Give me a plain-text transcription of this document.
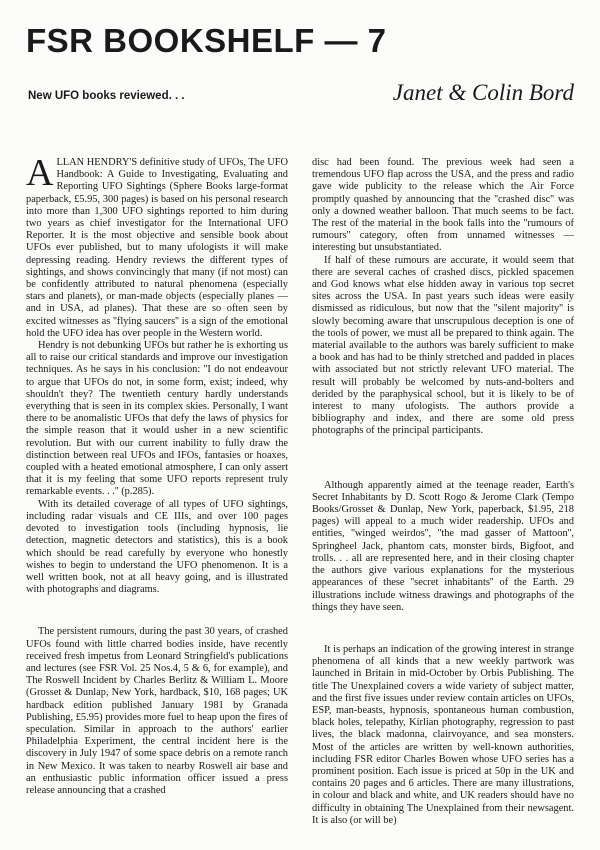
FSR BOOKSHELF — 7
New UFO books reviewed. . .	Janet & Colin Bord

ALLAN HENDRY'S definitive study of UFOs, The UFO Handbook: A Guide to Investigating, Evaluating and Reporting UFO Sightings (Sphere Books large-format paperback, £5.95, 300 pages) is based on his personal research into more than 1,300 UFO sightings reported to him during two years as chief investigator for the International UFO Reporter. It is the most objective and sensible book about UFOs ever published, but to many ufologists it will make depressing reading. Hendry reviews the different types of sightings, and shows convincingly that many (if not most) can be confidently attributed to natural phenomena (especially stars and planets), or man-made objects (especially planes — and in USA, ad planes). That these are so often seen by excited witnesses as ''flying saucers'' is a sign of the emotional hold the UFO idea has over people in the Western world.

Hendry is not debunking UFOs but rather he is exhorting us all to raise our critical standards and improve our investigation techniques. As he says in his conclusion: ''I do not endeavour to argue that UFOs do not, in some form, exist; indeed, why shouldn't they? The twentieth century hardly understands everything that is seen in its complex skies. Personally, I want there to be anomalistic UFOs that defy the laws of physics for the simple reason that it would usher in a new scientific revolution. But with our current inability to fully draw the distinction between real UFOs and IFOs, fantasies or hoaxes, coupled with a heated emotional atmosphere, I can only assert that it is my feeling that some UFO reports represent truly remarkable events. . .'' (p.285).

With its detailed coverage of all types of UFO sightings, including radar visuals and CE IIIs, and over 100 pages devoted to investigation tools (including hypnosis, lie detection, magnetic detectors and statistics), this is a book which should be read carefully by everyone who honestly wishes to begin to understand the UFO phenomenon. It is a well written book, not at all heavy going, and is illustrated with photographs and diagrams.

The persistent rumours, during the past 30 years, of crashed UFOs found with little charred bodies inside, have recently received fresh impetus from Leonard Stringfield's publications and lectures (see FSR Vol. 25 Nos.4, 5 & 6, for example), and The Roswell Incident by Charles Berlitz & William L. Moore (Grosset & Dunlap, New York, hardback, $10, 168 pages; UK hardback edition published January 1981 by Granada Publishing, £5.95) provides more fuel to heap upon the fires of speculation. Similar in approach to the authors' earlier Philadelphia Experiment, the central incident here is the discovery in July 1947 of some space debris on a remote ranch in New Mexico. It was taken to nearby Roswell air base and an enthusiastic public information officer issued a press release announcing that a crashed

disc had been found. The previous week had seen a tremendous UFO flap across the USA, and the press and radio gave wide publicity to the release which the Air Force promptly quashed by announcing that the ''crashed disc'' was only a downed weather balloon. That much seems to be fact. The rest of the material in the book falls into the ''rumours of rumours'' category, often from unnamed witnesses — interesting but unsubstantiated.

If half of these rumours are accurate, it would seem that there are several caches of crashed discs, pickled spacemen and God knows what else hidden away in various top secret sites across the USA. In past years such ideas were easily dismissed as ridiculous, but now that the ''silent majority'' is slowly becoming aware that unscrupulous deception is one of the tools of power, we must all be prepared to think again. The material available to the authors was barely sufficient to make a book and has had to be thinly stretched and padded in places with associated but not strictly relevant UFO material. The result will probably be welcomed by nuts-and-bolters and derided by the paraphysical school, but it is likely to be of interest to many ufologists. The authors provide a bibliography and index, and there are some old press photographs of the principal participants.

Although apparently aimed at the teenage reader, Earth's Secret Inhabitants by D. Scott Rogo & Jerome Clark (Tempo Books/Grosset & Dunlap, New York, paperback, $1.95, 218 pages) will appeal to a much wider readership. UFOs and entities, ''winged weirdos'', ''the mad gasser of Mattoon'', Springheel Jack, phantom cats, monster birds, Bigfoot, and trolls. . . all are represented here, and in their closing chapter the authors give various explanations for the mysterious appearances of these ''secret inhabitants'' of the Earth. 29 illustrations include witness drawings and photographs of the things they have seen.

It is perhaps an indication of the growing interest in strange phenomena of all kinds that a new weekly partwork was launched in Britain in mid-October by Orbis Publishing. The title The Unexplained covers a wide variety of subject matter, and the first five issues under review contain articles on UFOs, ESP, man-beasts, hypnosis, spontaneous human combustion, black holes, telepathy, Kirlian photography, regression to past lives, the black madonna, clairvoyance, and sea monsters. Most of the articles are written by well-known authorities, including FSR editor Charles Bowen whose UFO series has a prominent position. Each issue is priced at 50p in the UK and contains 20 pages and 6 articles. There are many illustrations, in colour and black and white, and UK readers should have no difficulty in obtaining The Unexplained from their newsagent. It is also (or will be)
